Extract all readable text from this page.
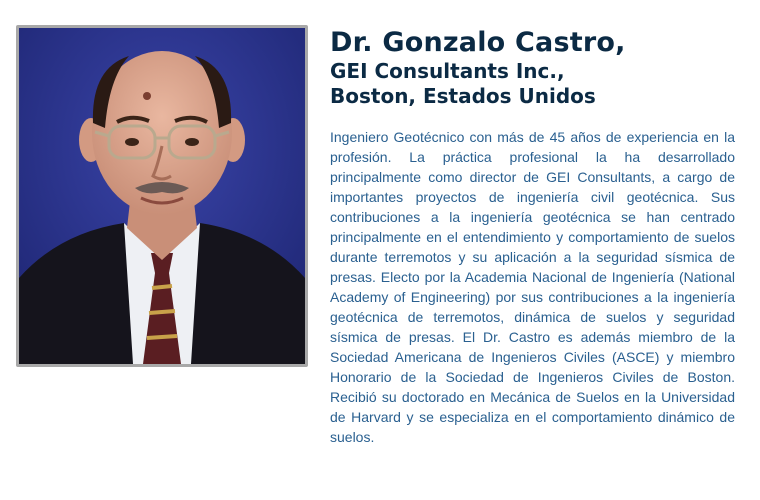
Dr. Gonzalo Castro,

GEI Consultants Inc.,

Boston, Estados Unidos

Ingeniero Geotécnico con más de 45 años de experiencia en la profesión. La práctica profesional la ha desarrollado principalmente como director de GEI Consultants, a cargo de importantes proyectos de ingeniería civil geotécnica. Sus contribuciones a la ingeniería geotécnica se han centrado principalmente en el entendimiento y comportamiento de suelos durante terremotos y su aplicación a la seguridad sísmica de presas. Electo por la Academia Nacional de Ingeniería (National Academy of Engineering) por sus contribuciones a la ingeniería geotécnica de terremotos, dinámica de suelos y seguridad sísmica de presas. El Dr. Castro es además miembro de la Sociedad Americana de Ingenieros Civiles (ASCE) y miembro Honorario de la Sociedad de Ingenieros Civiles de Boston. Recibió su doctorado en Mecánica de Suelos en la Universidad de Harvard y se especializa en el comportamiento dinámico de suelos.
